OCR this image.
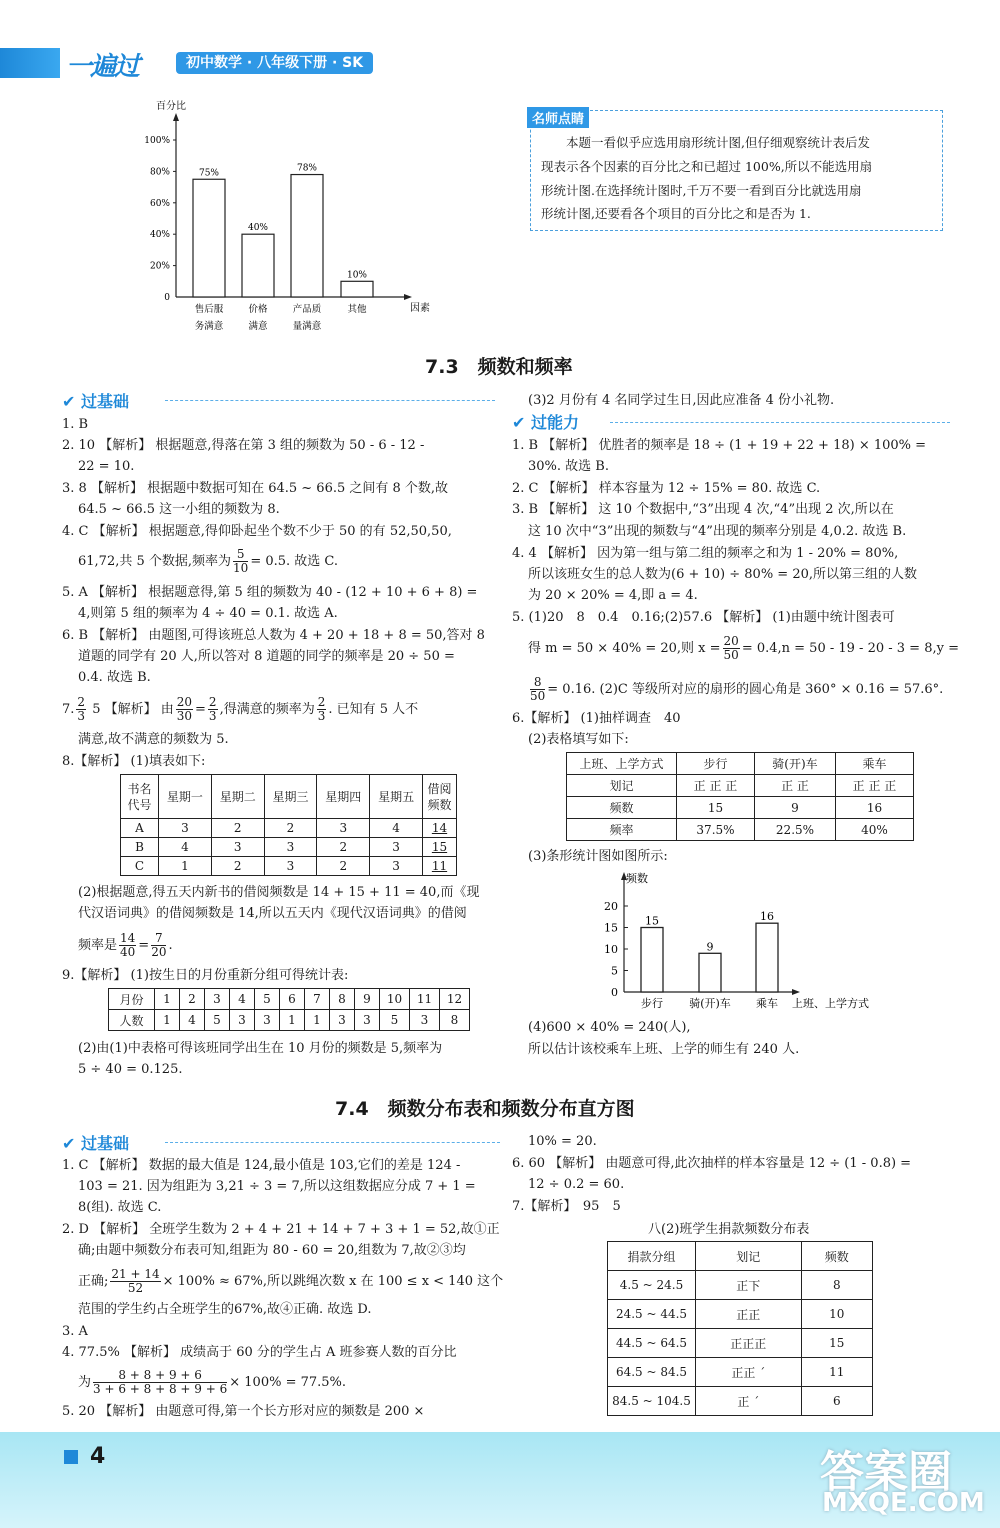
一遍过	初中数学 · 八年级下册 · SK
百分比
因素
100%
80%
60%
40%
20%
0
75%
售后服
务满意
40%
价格
满意
78%
产品质
量满意
10%
其他
名师点睛
本题一看似乎应选用扇形统计图,但仔细观察统计表后发
现表示各个因素的百分比之和已超过 100%,所以不能选用扇
形统计图.在选择统计图时,千万不要一看到百分比就选用扇
形统计图,还要看各个项目的百分比之和是否为 1.
7.3　频数和频率
✔ 过基础
1. B
2. 10 【解析】 根据题意,得落在第 3 组的频数为 50 - 6 - 12 -
22 = 10.
3. 8 【解析】 根据题中数据可知在 64.5 ~ 66.5 之间有 8 个数,故
64.5 ~ 66.5 这一小组的频数为 8.
4. C 【解析】 根据题意,得仰卧起坐个数不少于 50 的有 52,50,50,
61,72,共 5 个数据,频率为 $\frac{5}{10} = 0.5$. 故选 C.
5. A 【解析】 根据题意得,第 5 组的频数为 40 - (12 + 10 + 6 + 8) =
4,则第 5 组的频率为 4 ÷ 40 = 0.1. 故选 A.
6. B 【解析】 由题图,可得该班总人数为 4 + 20 + 18 + 8 = 50,答对 8
道题的同学有 20 人,所以答对 8 道题的同学的频率是 20 ÷ 50 =
0.4. 故选 B.
7. $\frac{2}{3} 5$ 【解析】 由 $\frac{20}{30} = \frac{2}{3}$ ,得满意的频率为 $\frac{2}{3}$ . 已知有 5 人不
满意,故不满意的频数为 5.
8.【解析】 (1)填表如下:
书名
代号	星期一	星期二	星期三	星期四	星期五	借阅
频数
A	3	2	2	3	4	14
B	4	3	3	2	3	15
C	1	2	3	2	3	11
(2)根据题意,得五天内新书的借阅频数是 14 + 15 + 11 = 40,而《现
代汉语词典》的借阅频数是 14,所以五天内《现代汉语词典》的借阅
频率是 $\frac{14}{40} = \frac{7}{20}$ .
9.【解析】 (1)按生日的月份重新分组可得统计表:
月份	1	2	3	4	5	6	7	8	9	10	11	12
人数	1	4	5	3	3	1	1	3	3	5	3	8
(2)由(1)中表格可得该班同学出生在 10 月份的频数是 5,频率为
5 ÷ 40 = 0.125.
(3)2 月份有 4 名同学过生日,因此应准备 4 份小礼物.
✔ 过能力
1. B 【解析】 优胜者的频率是 18 ÷ (1 + 19 + 22 + 18) × 100% =
30%. 故选 B.
2. C 【解析】 样本容量为 12 ÷ 15% = 80. 故选 C.
3. B 【解析】 这 10 个数据中,“3”出现 4 次,“4”出现 2 次,所以在
这 10 次中“3”出现的频数与“4”出现的频率分别是 4,0.2. 故选 B.
4. 4 【解析】 因为第一组与第二组的频率之和为 1 - 20% = 80%,
所以该班女生的总人数为(6 + 10) ÷ 80% = 20,所以第三组的人数
为 20 × 20% = 4,即 a = 4.
5. (1)20　8　0.4　0.16;(2)57.6 【解析】 (1)由题中统计图表可
得 m = 50 × 40% = 20,则 $x = \frac{20}{50} = 0.4,n = 50 - 19 - 20 - 3 = 8,y$ =
$\frac{8}{50} = 0.16$. (2)C 等级所对应的扇形的圆心角是 360° × 0.16 = 57.6°.
6.【解析】 (1)抽样调查　40
(2)表格填写如下:
上班、上学方式	步行	骑(开)车	乘车
划记	正 正 正	正 正	正 正 正
频数	15	9	16
频率	37.5%	22.5%	40%
(3)条形统计图如图所示:
频数
上班、上学方式
20
15
10
5
0
15
步行
9
骑(开)车
16
乘车
(4)600 × 40% = 240(人),
所以估计该校乘车上班、上学的师生有 240 人.
7.4　频数分布表和频数分布直方图
✔ 过基础
1. C 【解析】 数据的最大值是 124,最小值是 103,它们的差是 124 -
103 = 21. 因为组距为 3,21 ÷ 3 = 7,所以这组数据应分成 7 + 1 =
8(组). 故选 C.
2. D 【解析】 全班学生数为 2 + 4 + 21 + 14 + 7 + 3 + 1 = 52,故①正
确;由题中频数分布表可知,组距为 80 - 60 = 20,组数为 7,故②③均
正确; $\frac{21 + 14}{52} \times 100\% \approx 67\%$,所以跳绳次数 x 在 100 ≤ x < 140 这个
范围的学生约占全班学生的67%,故④正确. 故选 D.
3. A
4. 77.5% 【解析】 成绩高于 60 分的学生占 A 班参赛人数的百分比
为 $\frac{8 + 8 + 9 + 6}{3 + 6 + 8 + 8 + 9 + 6} \times 100\% = 77.5\%$.
5. 20 【解析】 由题意可得,第一个长方形对应的频数是 200 ×
10% = 20.
6. 60 【解析】 由题意可得,此次抽样的样本容量是 12 ÷ (1 - 0.8) =
12 ÷ 0.2 = 60.
7.【解析】　95　5
八(2)班学生捐款频数分布表
捐款分组	划记	频数
4.5 ~ 24.5	正下	8
24.5 ~ 44.5	正正	10
44.5 ~ 64.5	正正正	15
64.5 ~ 84.5	正正 ˊ	11
84.5 ~ 104.5	正 ˊ	6
4	答案圈
MXQE.COM
